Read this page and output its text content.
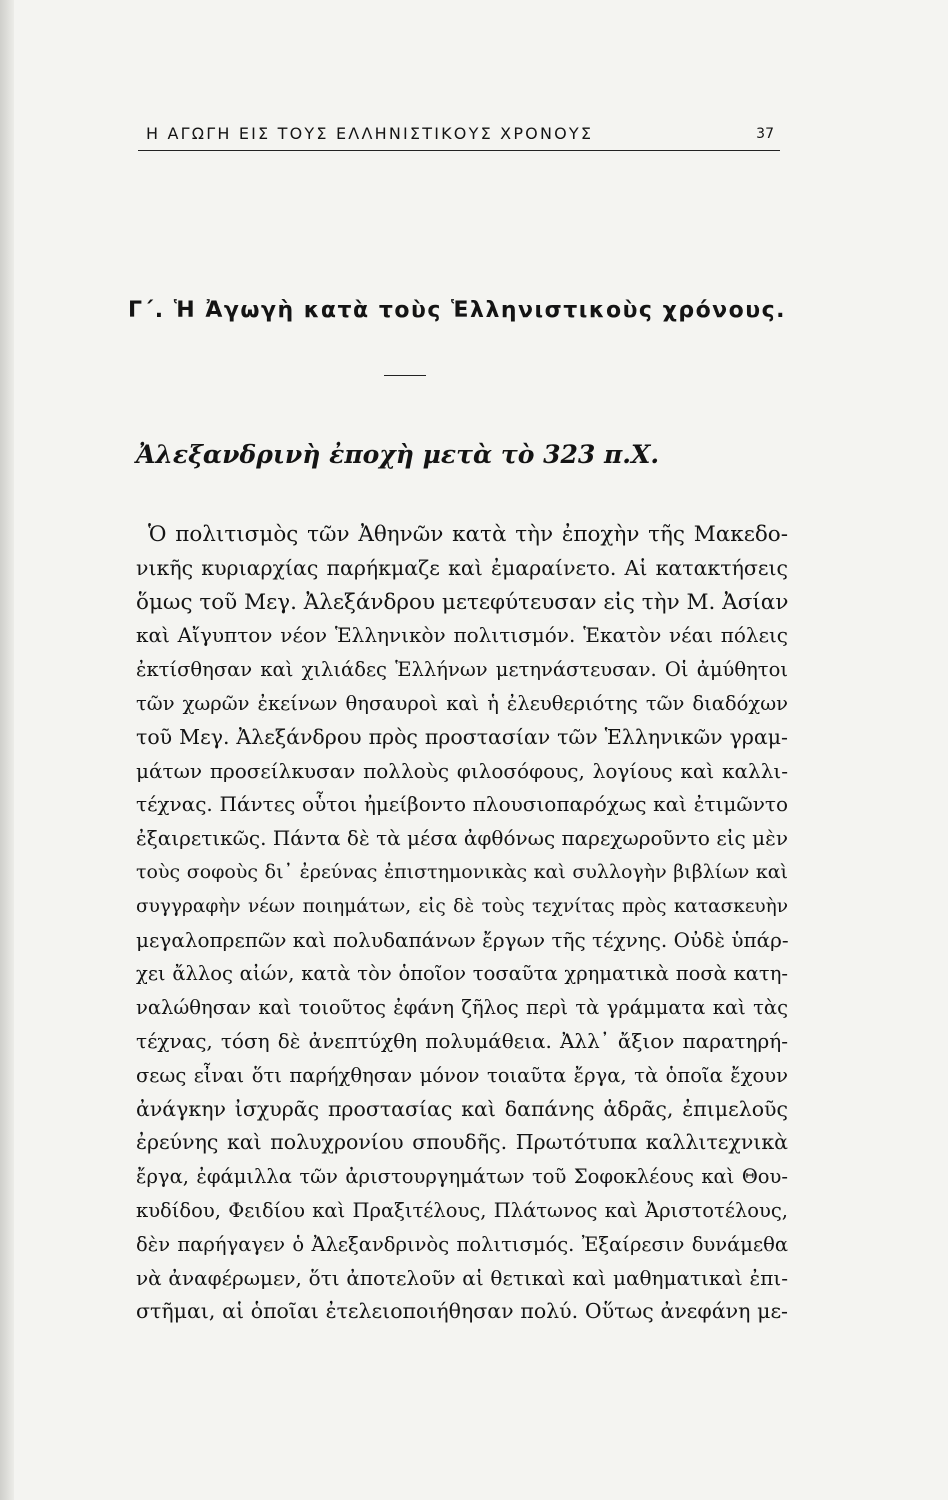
Η ΑΓΩΓΗ ΕΙΣ ΤΟΥΣ ΕΛΛΗΝΙΣΤΙΚΟΥΣ ΧΡΟΝΟΥΣ	37
Γ΄. Ἡ Ἀγωγὴ κατὰ τοὺς Ἑλληνιστικοὺς χρόνους.
Ἀλεξανδρινὴ ἐποχὴ μετὰ τὸ 323 π.Χ.
Ὁ πολιτισμὸς τῶν Ἀθηνῶν κατὰ τὴν ἐποχὴν τῆς Μακεδο-
νικῆς κυριαρχίας παρήκμαζε καὶ ἐμαραίνετο. Αἱ κατακτήσεις
ὅμως τοῦ Μεγ. Ἀλεξάνδρου μετεφύτευσαν εἰς τὴν Μ. Ἀσίαν
καὶ Αἴγυπτον νέον Ἑλληνικὸν πολιτισμόν. Ἑκατὸν νέαι πόλεις
ἐκτίσθησαν καὶ χιλιάδες Ἑλλήνων μετηνάστευσαν. Οἱ ἀμύθητοι
τῶν χωρῶν ἐκείνων θησαυροὶ καὶ ἡ ἐλευθεριότης τῶν διαδόχων
τοῦ Μεγ. Ἀλεξάνδρου πρὸς προστασίαν τῶν Ἑλληνικῶν γραμ-
μάτων προσείλκυσαν πολλοὺς φιλοσόφους, λογίους καὶ καλλι-
τέχνας. Πάντες οὗτοι ἠμείβοντο πλουσιοπαρόχως καὶ ἐτιμῶντο
ἐξαιρετικῶς. Πάντα δὲ τὰ μέσα ἀφθόνως παρεχωροῦντο εἰς μὲν
τοὺς σοφοὺς δι᾽ ἐρεύνας ἐπιστημονικὰς καὶ συλλογὴν βιβλίων καὶ
συγγραφὴν νέων ποιημάτων, εἰς δὲ τοὺς τεχνίτας πρὸς κατασκευὴν
μεγαλοπρεπῶν καὶ πολυδαπάνων ἔργων τῆς τέχνης. Οὐδὲ ὑπάρ-
χει ἄλλος αἰών, κατὰ τὸν ὁποῖον τοσαῦτα χρηματικὰ ποσὰ κατη-
ναλώθησαν καὶ τοιοῦτος ἐφάνη ζῆλος περὶ τὰ γράμματα καὶ τὰς
τέχνας, τόση δὲ ἀνεπτύχθη πολυμάθεια. Ἀλλ᾽ ἄξιον παρατηρή-
σεως εἶναι ὅτι παρήχθησαν μόνον τοιαῦτα ἔργα, τὰ ὁποῖα ἔχουν
ἀνάγκην ἰσχυρᾶς προστασίας καὶ δαπάνης ἁδρᾶς, ἐπιμελοῦς
ἐρεύνης καὶ πολυχρονίου σπουδῆς. Πρωτότυπα καλλιτεχνικὰ
ἔργα, ἐφάμιλλα τῶν ἀριστουργημάτων τοῦ Σοφοκλέους καὶ Θου-
κυδίδου, Φειδίου καὶ Πραξιτέλους, Πλάτωνος καὶ Ἀριστοτέλους,
δὲν παρήγαγεν ὁ Ἀλεξανδρινὸς πολιτισμός. Ἐξαίρεσιν δυνάμεθα
νὰ ἀναφέρωμεν, ὅτι ἀποτελοῦν αἱ θετικαὶ καὶ μαθηματικαὶ ἐπι-
στῆμαι, αἱ ὁποῖαι ἐτελειοποιήθησαν πολύ. Οὕτως ἀνεφάνη με-
